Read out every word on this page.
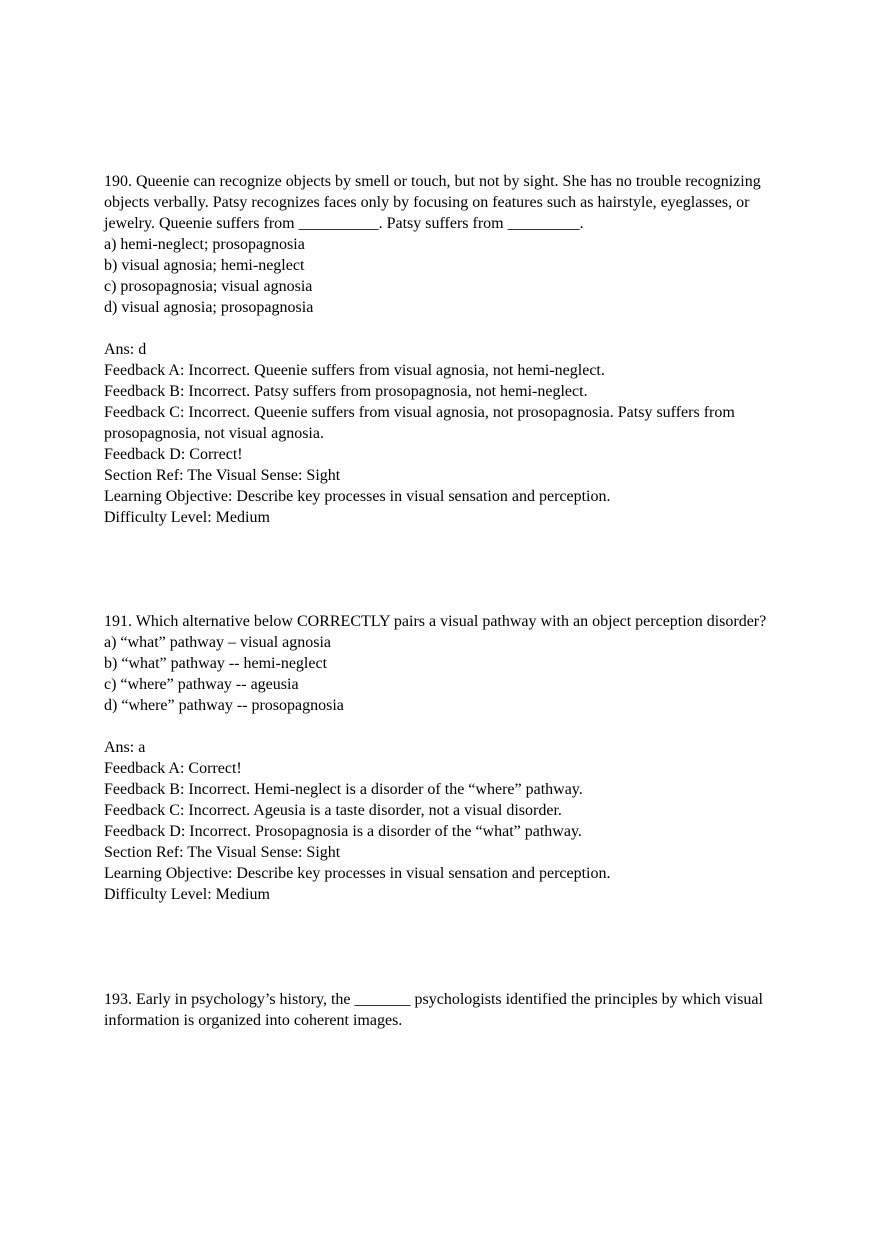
190. Queenie can recognize objects by smell or touch, but not by sight. She has no trouble recognizing objects verbally. Patsy recognizes faces only by focusing on features such as hairstyle, eyeglasses, or jewelry. Queenie suffers from __________. Patsy suffers from _________.

a) hemi-neglect; prosopagnosia
b) visual agnosia; hemi-neglect
c) prosopagnosia; visual agnosia
d) visual agnosia; prosopagnosia

Ans: d

Feedback A: Incorrect. Queenie suffers from visual agnosia, not hemi-neglect.

Feedback B: Incorrect. Patsy suffers from prosopagnosia, not hemi-neglect.

Feedback C: Incorrect. Queenie suffers from visual agnosia, not prosopagnosia. Patsy suffers from prosopagnosia, not visual agnosia.

Feedback D: Correct!

Section Ref: The Visual Sense: Sight

Learning Objective: Describe key processes in visual sensation and perception.

Difficulty Level: Medium

191. Which alternative below CORRECTLY pairs a visual pathway with an object perception disorder?

a) “what” pathway – visual agnosia
b) “what” pathway -- hemi-neglect
c) “where” pathway -- ageusia
d) “where” pathway -- prosopagnosia

Ans: a

Feedback A: Correct!

Feedback B: Incorrect. Hemi-neglect is a disorder of the “where” pathway.

Feedback C: Incorrect. Ageusia is a taste disorder, not a visual disorder.

Feedback D: Incorrect. Prosopagnosia is a disorder of the “what” pathway.

Section Ref: The Visual Sense: Sight

Learning Objective: Describe key processes in visual sensation and perception.

Difficulty Level: Medium

193. Early in psychology’s history, the _______ psychologists identified the principles by which visual information is organized into coherent images.
